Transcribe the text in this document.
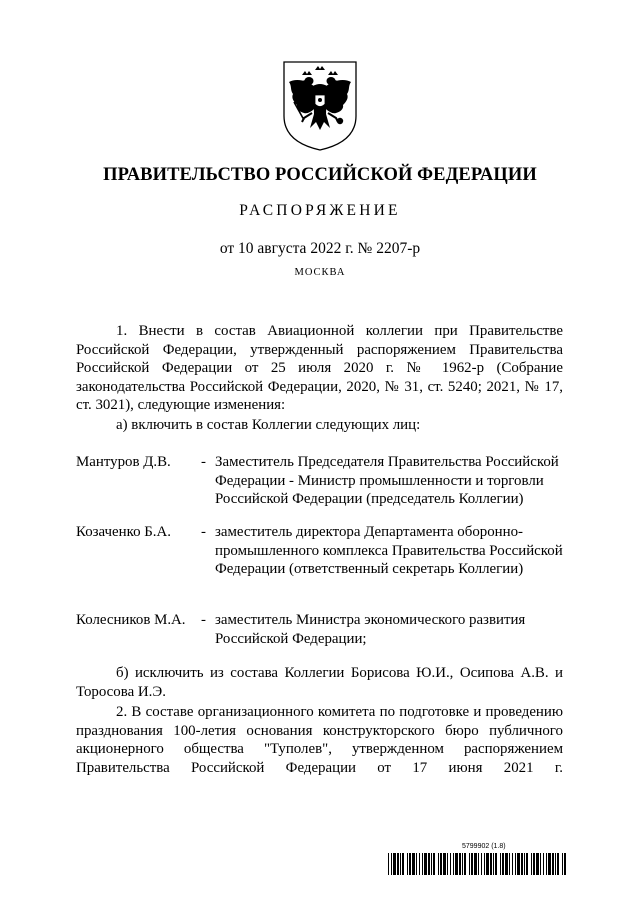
ПРАВИТЕЛЬСТВО РОССИЙСКОЙ ФЕДЕРАЦИИ
РАСПОРЯЖЕНИЕ
от 10 августа 2022 г. № 2207-р
МОСКВА
1. Внести в состав Авиационной коллегии при Правительстве Российской Федерации, утвержденный распоряжением Правительства Российской Федерации от 25 июля 2020 г. № 1962-р (Собрание законодательства Российской Федерации, 2020, № 31, ст. 5240; 2021, № 17, ст. 3021), следующие изменения:
а) включить в состав Коллегии следующих лиц:
Мантуров Д.В. - Заместитель Председателя Правительства Российской Федерации - Министр промышленности и торговли Российской Федерации (председатель Коллегии)
Козаченко Б.А. - заместитель директора Департамента оборонно-промышленного комплекса Правительства Российской Федерации (ответственный секретарь Коллегии)
Колесников М.А. - заместитель Министра экономического развития Российской Федерации;
б) исключить из состава Коллегии Борисова Ю.И., Осипова А.В. и Торосова И.Э.
2. В составе организационного комитета по подготовке и проведению празднования 100-летия основания конструкторского бюро публичного акционерного общества "Туполев", утвержденном распоряжением Правительства Российской Федерации от 17 июня 2021 г.
5799902 (1.8)
